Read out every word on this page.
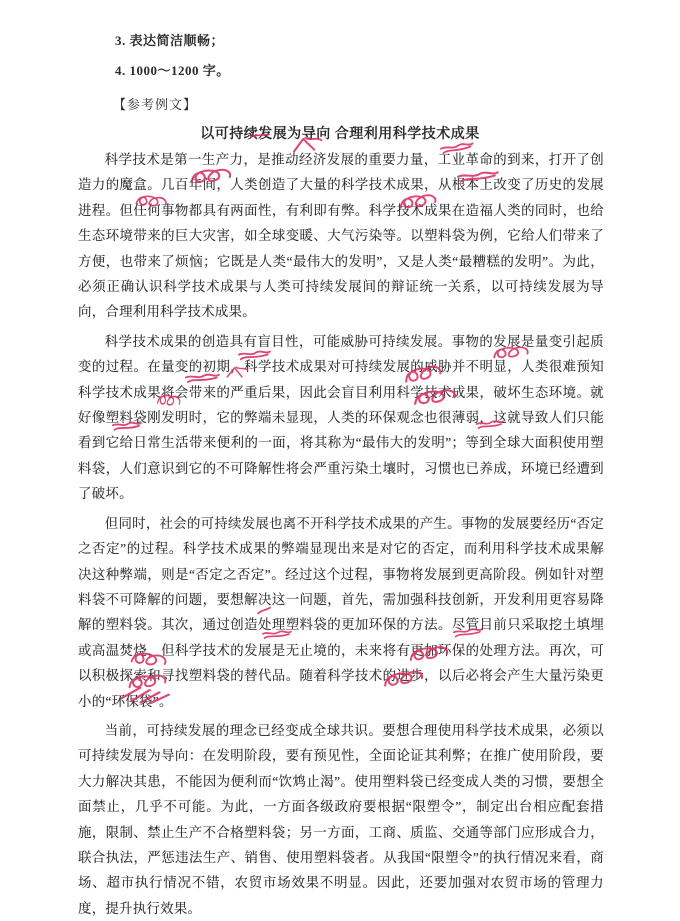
3. 表达简洁顺畅；

4. 1000～1200 字。

【参考例文】

以可持续发展为导向 合理利用科学技术成果

科学技术是第一生产力，是推动经济发展的重要力量，工业革命的到来，打开了创造力的魔盒。几百年间，人类创造了大量的科学技术成果，从根本上改变了历史的发展进程。但任何事物都具有两面性，有利即有弊。科学技术成果在造福人类的同时，也给生态环境带来的巨大灾害，如全球变暖、大气污染等。以塑料袋为例，它给人们带来了方便，也带来了烦恼；它既是人类“最伟大的发明”，又是人类“最糟糕的发明”。为此，必须正确认识科学技术成果与人类可持续发展间的辩证统一关系，以可持续发展为导向，合理利用科学技术成果。

科学技术成果的创造具有盲目性，可能威胁可持续发展。事物的发展是量变引起质变的过程。在量变的初期，科学技术成果对可持续发展的威胁并不明显，人类很难预知科学技术成果将会带来的严重后果，因此会盲目利用科学技术成果，破坏生态环境。就好像塑料袋刚发明时，它的弊端未显现，人类的环保观念也很薄弱，这就导致人们只能看到它给日常生活带来便利的一面，将其称为“最伟大的发明”；等到全球大面积使用塑料袋，人们意识到它的不可降解性将会严重污染土壤时，习惯也已养成，环境已经遭到了破坏。

但同时，社会的可持续发展也离不开科学技术成果的产生。事物的发展要经历“否定之否定”的过程。科学技术成果的弊端显现出来是对它的否定，而利用科学技术成果解决这种弊端，则是“否定之否定”。经过这个过程，事物将发展到更高阶段。例如针对塑料袋不可降解的问题，要想解决这一问题，首先，需加强科技创新，开发利用更容易降解的塑料袋。其次，通过创造处理塑料袋的更加环保的方法。尽管目前只采取挖土填埋或高温焚烧，但科学技术的发展是无止境的，未来将有更加环保的处理方法。再次，可以积极探索和寻找塑料袋的替代品。随着科学技术的进步，以后必将会产生大量污染更小的“环保袋”。

当前，可持续发展的理念已经变成全球共识。要想合理使用科学技术成果，必须以可持续发展为导向：在发明阶段，要有预见性，全面论证其利弊；在推广使用阶段，要大力解决其患，不能因为便利而“饮鸩止渴”。使用塑料袋已经变成人类的习惯，要想全面禁止，几乎不可能。为此，一方面各级政府要根据“限塑令”，制定出台相应配套措施，限制、禁止生产不合格塑料袋；另一方面，工商、质监、交通等部门应形成合力，联合执法，严惩违法生产、销售、使用塑料袋者。从我国“限塑令”的执行情况来看，商场、超市执行情况不错，农贸市场效果不明显。因此，还要加强对农贸市场的管理力度，提升执行效果。
